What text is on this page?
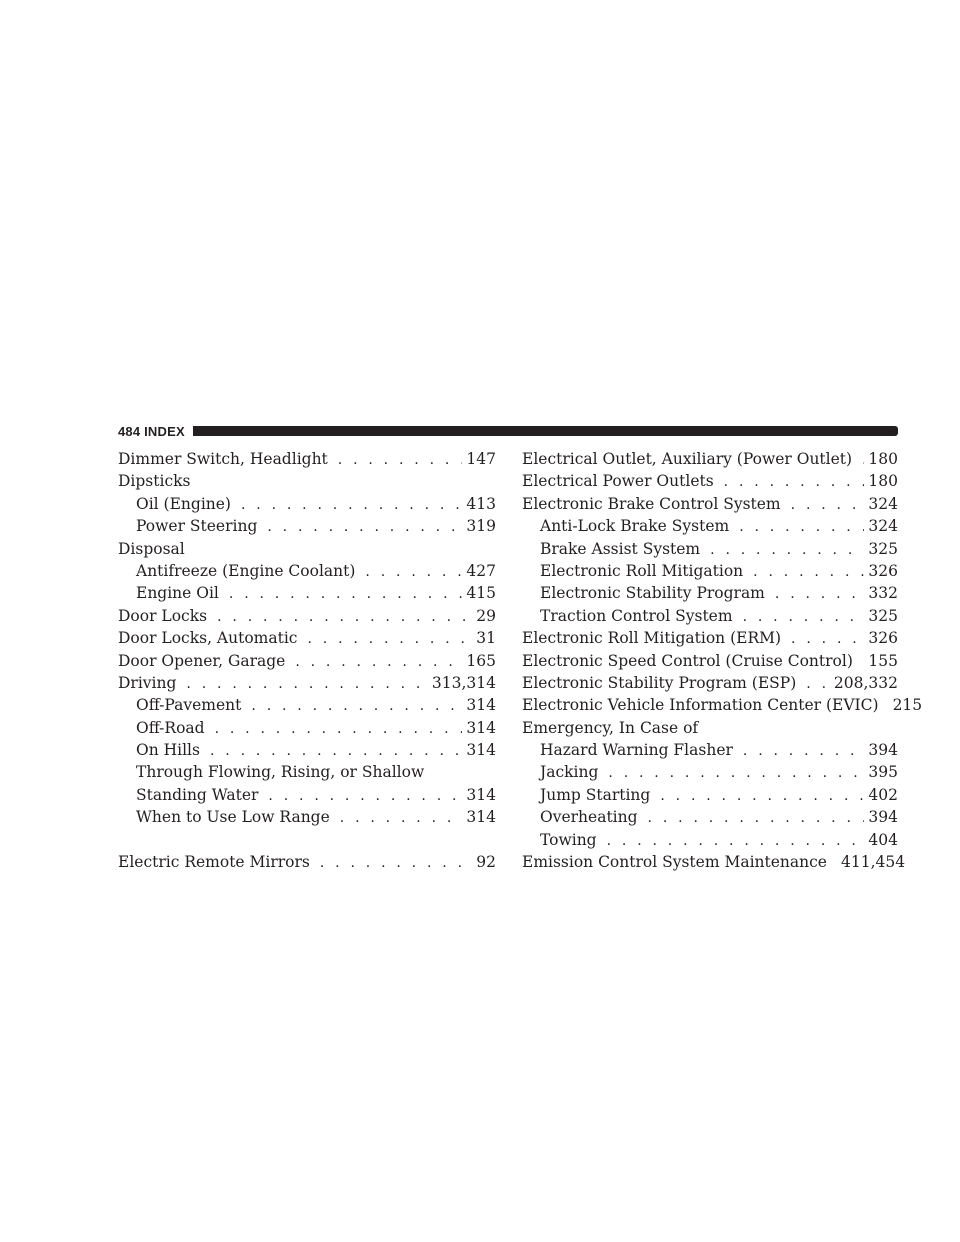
484 INDEX
Dimmer Switch, Headlight . . .	147
Dipsticks
Oil (Engine) . . .	413
Power Steering . . .	319
Disposal
Antifreeze (Engine Coolant) . . .	427
Engine Oil . . .	415
Door Locks . . .	29
Door Locks, Automatic . . .	31
Door Opener, Garage . . .	165
Driving . . .	313,314
Off-Pavement . . .	314
Off-Road . . .	314
On Hills . . .	314
Through Flowing, Rising, or Shallow
Standing Water . . .	314
When to Use Low Range . . .	314
Electric Remote Mirrors . . .	92
Electrical Outlet, Auxiliary (Power Outlet) . . . 180
Electrical Power Outlets . . .	180
Electronic Brake Control System . . .	324
Anti-Lock Brake System . . .	324
Brake Assist System . . .	325
Electronic Roll Mitigation . . .	326
Electronic Stability Program . . .	332
Traction Control System . . .	325
Electronic Roll Mitigation (ERM) . . .	326
Electronic Speed Control (Cruise Control) . . . 155
Electronic Stability Program (ESP) . . . 208,332
Electronic Vehicle Information Center (EVIC) 215
Emergency, In Case of
Hazard Warning Flasher . . .	394
Jacking . . .	395
Jump Starting . . .	402
Overheating . . .	394
Towing . . .	404
Emission Control System Maintenance 411,454
